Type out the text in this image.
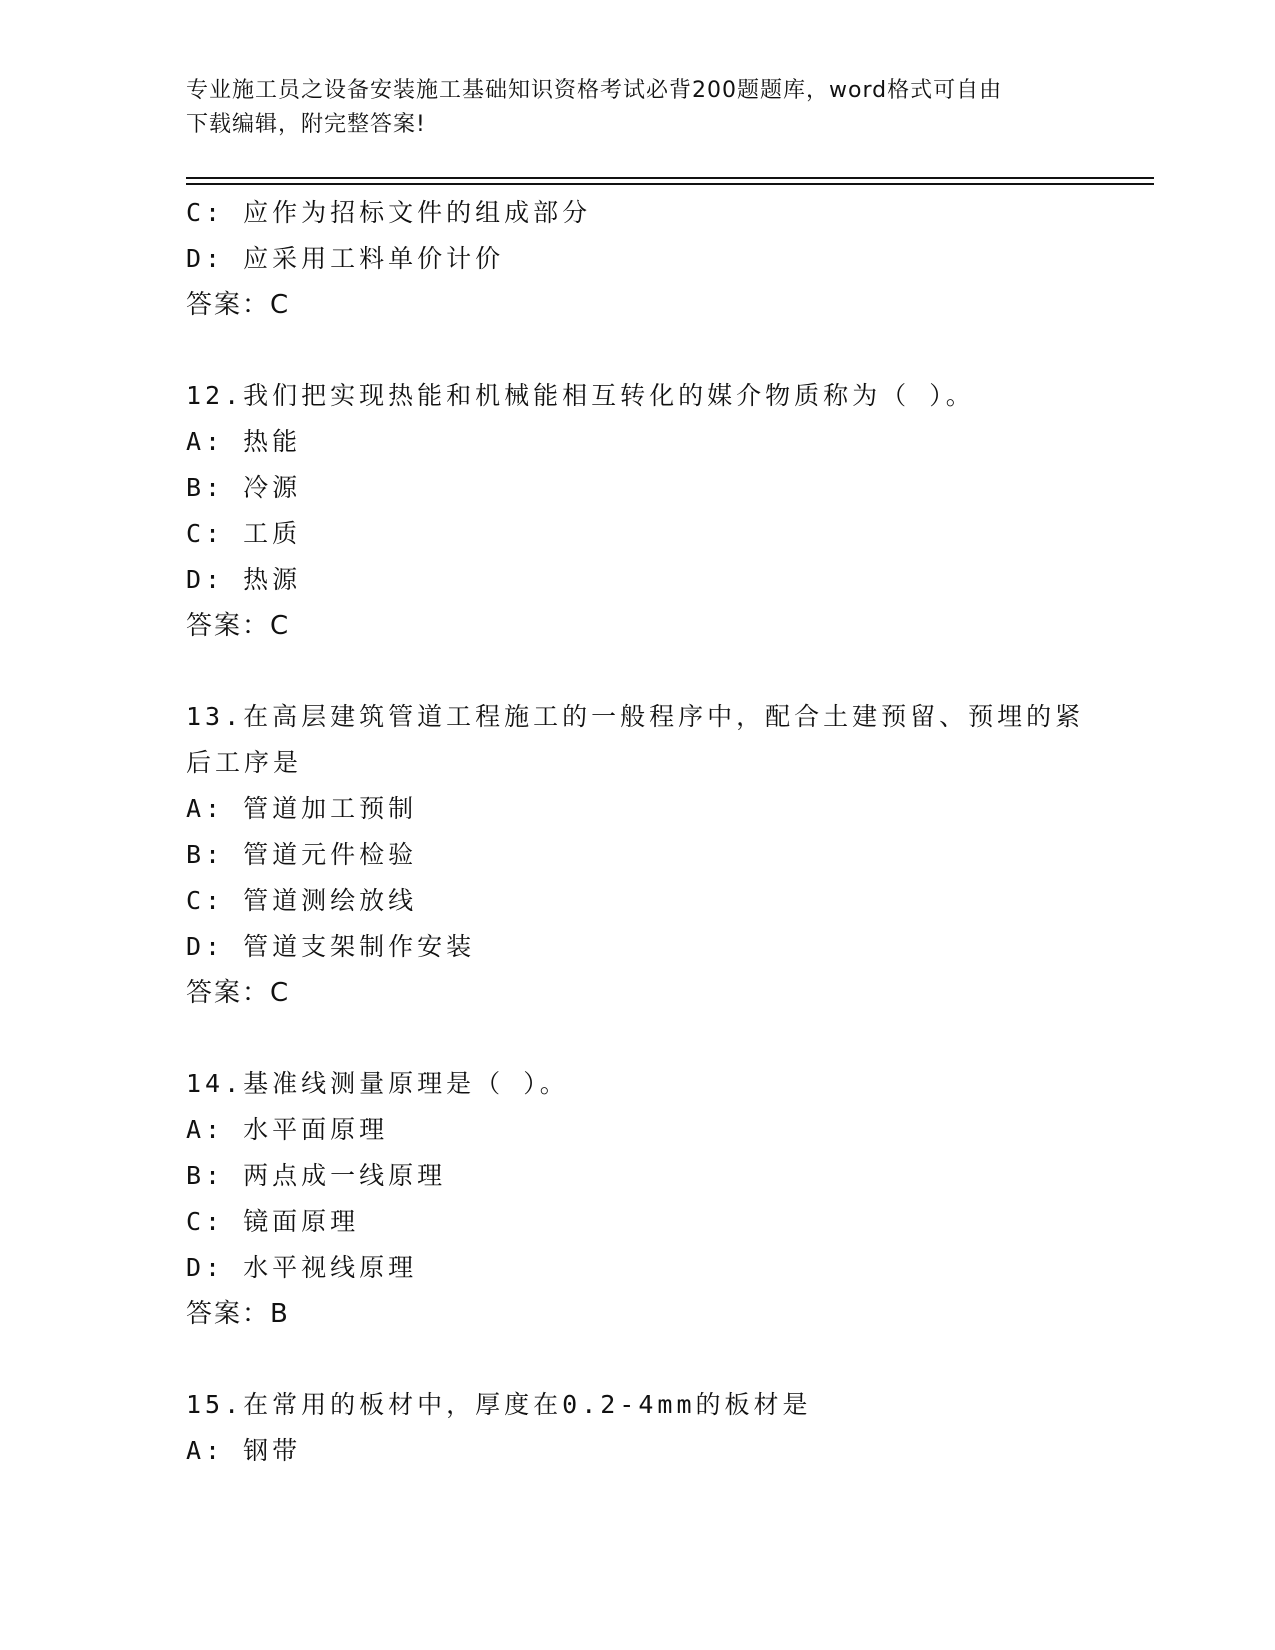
专业施工员之设备安装施工基础知识资格考试必背200题题库，word格式可自由
下载编辑，附完整答案!
C: 应作为招标文件的组成部分
D: 应采用工料单价计价
答案：C
12.我们把实现热能和机械能相互转化的媒介物质称为（ ）。
A: 热能
B: 冷源
C: 工质
D: 热源
答案：C
13.在高层建筑管道工程施工的一般程序中，配合土建预留、预埋的紧
后工序是
A: 管道加工预制
B: 管道元件检验
C: 管道测绘放线
D: 管道支架制作安装
答案：C
14.基准线测量原理是（ ）。
A: 水平面原理
B: 两点成一线原理
C: 镜面原理
D: 水平视线原理
答案：B
15.在常用的板材中，厚度在0.2-4mm的板材是
A: 钢带
